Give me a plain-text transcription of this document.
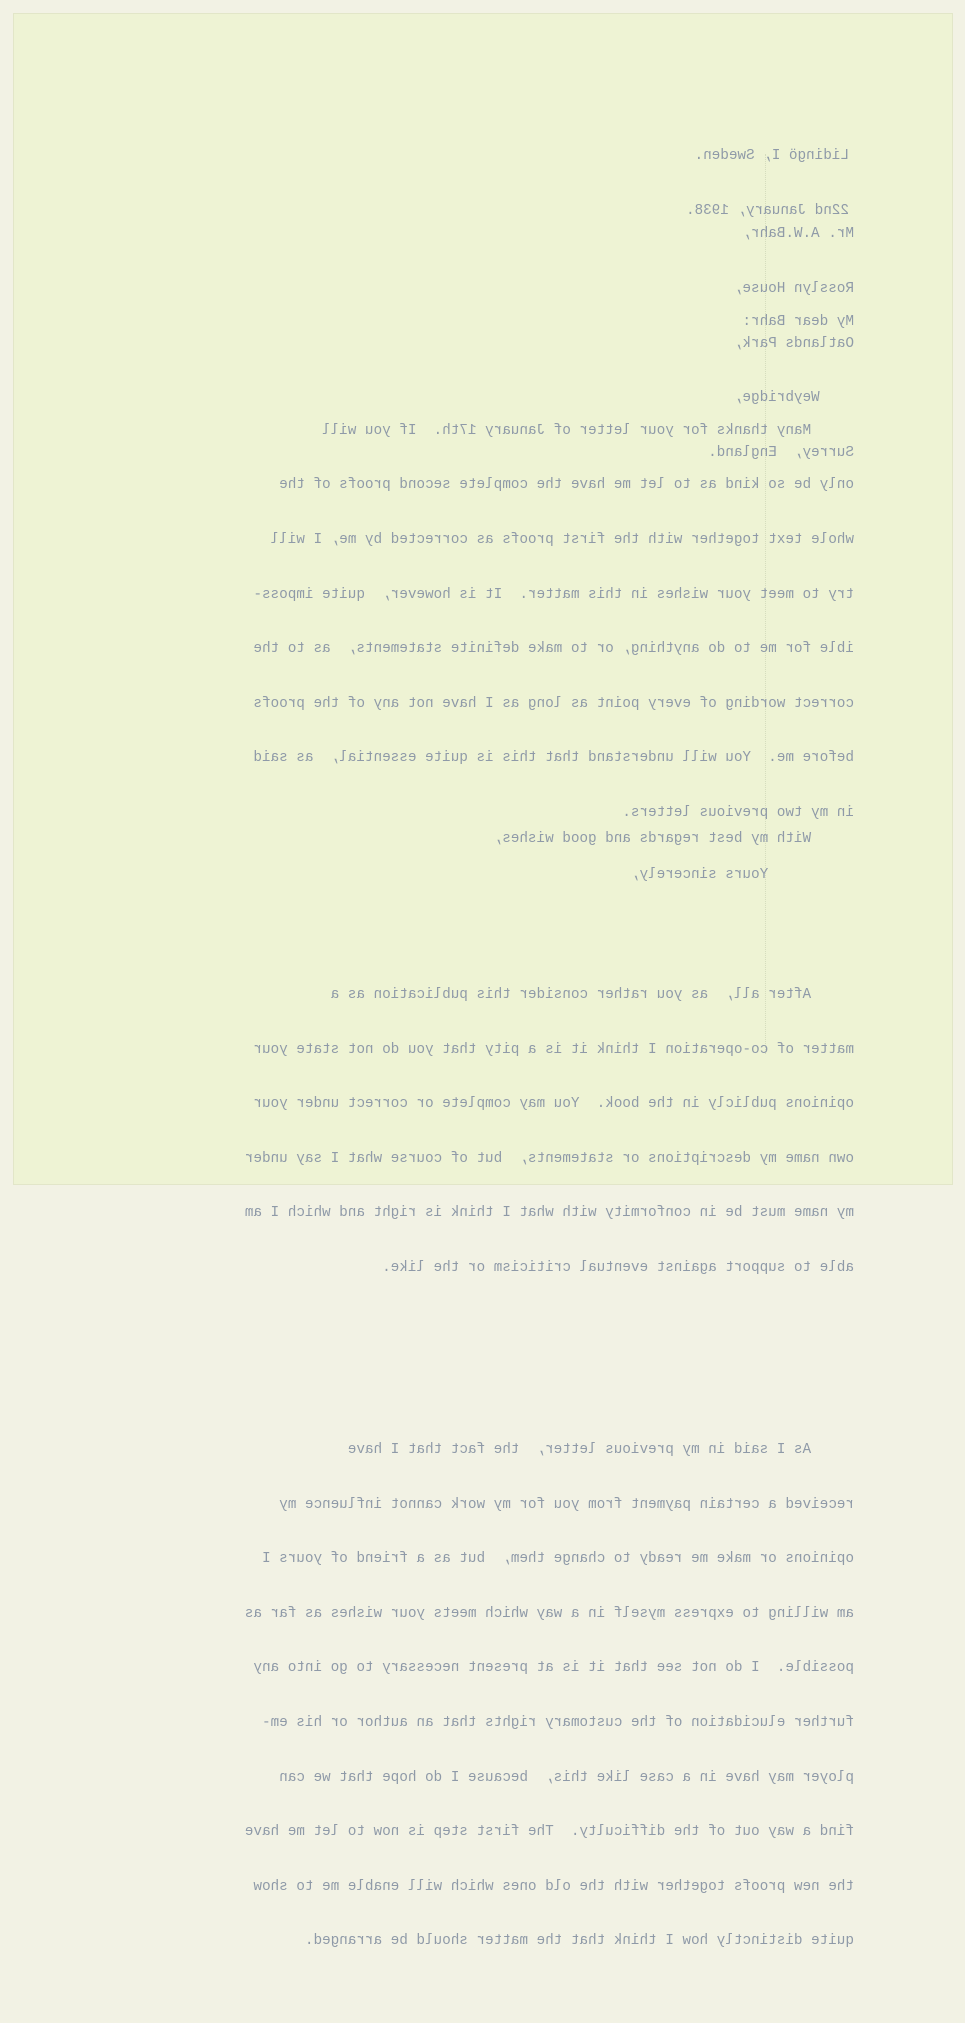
Lidingö I, Sweden.

22nd January, 1938.

Mr. A.W.Bahr,

Rosslyn House,

Oatlands Park,

Weybridge,

Surrey,  England.

My dear Bahr:

Many thanks for your letter of January 17th.  If you will

only be so kind as to let me have the complete second proofs of the

whole text together with the first proofs as corrected by me, I will

try to meet your wishes in this matter.  It is however,  quite imposs-

ible for me to do anything, or to make definite statements,  as to the

correct wording of every point as long as I have not any of the proofs

before me.  You will understand that this is quite essential,  as said

in my two previous letters.

After all,  as you rather consider this publication as a

matter of co-operation I think it is a pity that you do not state your

opinions publicly in the book.  You may complete or correct under your

own name my descriptions or statements,  but of course what I say under

my name must be in conformity with what I think is right and which I am

able to support against eventual criticism or the like.

As I said in my previous letter,  the fact that I have

received a certain payment from you for my work cannot influence my

opinions or make me ready to change them,  but as a friend of yours I

am willing to express myself in a way which meets your wishes as far as

possible.  I do not see that it is at present necessary to go into any

further elucidation of the customary rights that an author or his em-

ployer may have in a case like this,  because I do hope that we can

find a way out of the difficulty.  The first step is now to let me have

the new proofs together with the old ones which will enable me to show

quite distinctly how I think that the matter should be arranged.

With my best regards and good wishes,
Yours sincerely,
